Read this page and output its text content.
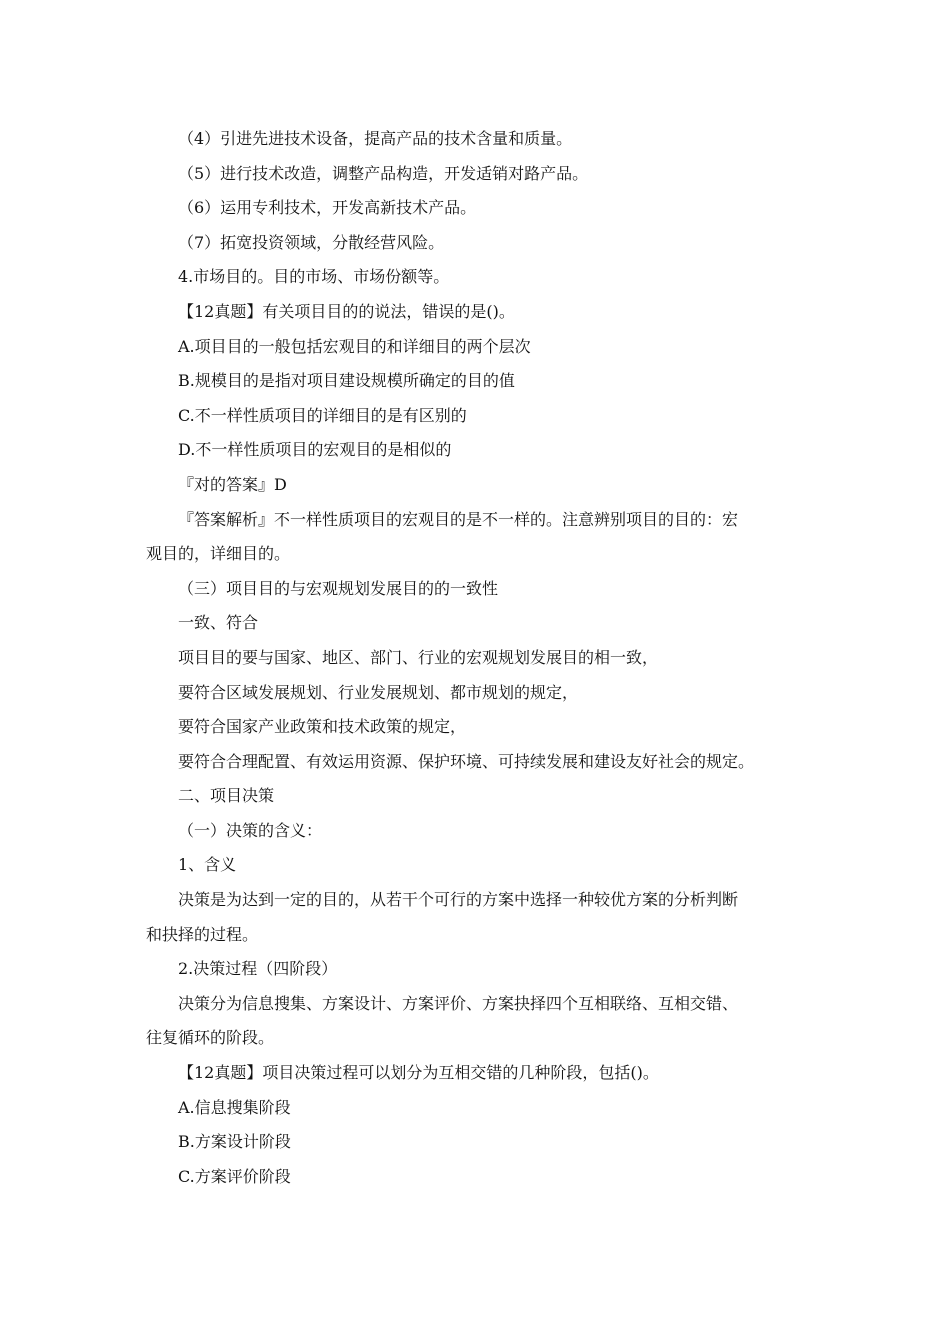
（4）引进先进技术设备，提高产品的技术含量和质量。
（5）进行技术改造，调整产品构造，开发适销对路产品。
（6）运用专利技术，开发高新技术产品。
（7）拓宽投资领域，分散经营风险。
4.市场目的。目的市场、市场份额等。
【12真题】有关项目目的的说法，错误的是()。
A.项目目的一般包括宏观目的和详细目的两个层次
B.规模目的是指对项目建设规模所确定的目的值
C.不一样性质项目的详细目的是有区别的
D.不一样性质项目的宏观目的是相似的
『对的答案』D
『答案解析』不一样性质项目的宏观目的是不一样的。注意辨别项目的目的：宏
观目的，详细目的。
（三）项目目的与宏观规划发展目的的一致性
一致、符合
项目目的要与国家、地区、部门、行业的宏观规划发展目的相一致，
要符合区域发展规划、行业发展规划、都市规划的规定，
要符合国家产业政策和技术政策的规定，
要符合合理配置、有效运用资源、保护环境、可持续发展和建设友好社会的规定。
二、项目决策
（一）决策的含义：
1、含义
决策是为达到一定的目的，从若干个可行的方案中选择一种较优方案的分析判断
和抉择的过程。
2.决策过程（四阶段）
决策分为信息搜集、方案设计、方案评价、方案抉择四个互相联络、互相交错、
往复循环的阶段。
【12真题】项目决策过程可以划分为互相交错的几种阶段，包括()。
A.信息搜集阶段
B.方案设计阶段
C.方案评价阶段
